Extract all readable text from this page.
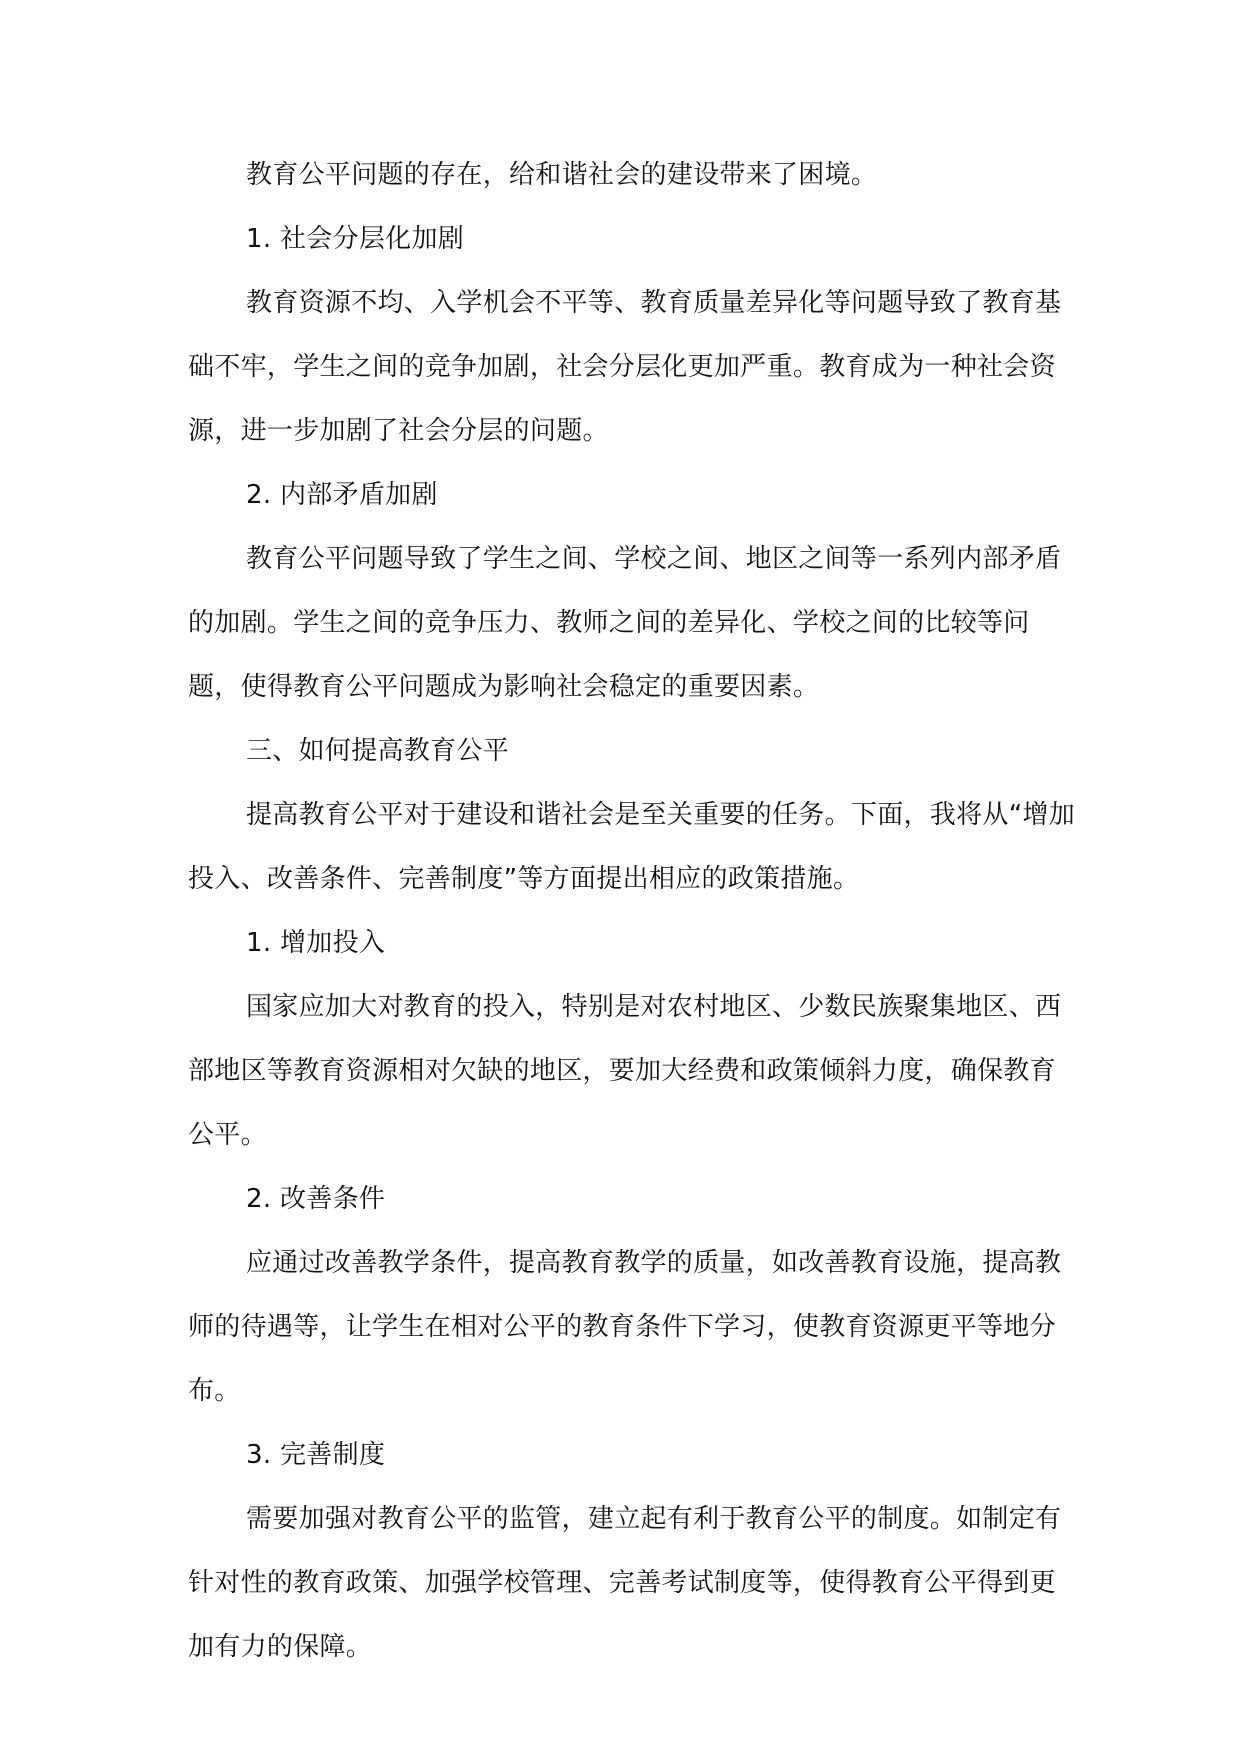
教育公平问题的存在，给和谐社会的建设带来了困境。

1. 社会分层化加剧

教育资源不均、入学机会不平等、教育质量差异化等问题导致了教育基础不牢，学生之间的竞争加剧，社会分层化更加严重。教育成为一种社会资源，进一步加剧了社会分层的问题。

2. 内部矛盾加剧

教育公平问题导致了学生之间、学校之间、地区之间等一系列内部矛盾的加剧。学生之间的竞争压力、教师之间的差异化、学校之间的比较等问题，使得教育公平问题成为影响社会稳定的重要因素。

三、如何提高教育公平

提高教育公平对于建设和谐社会是至关重要的任务。下面，我将从“增加投入、改善条件、完善制度”等方面提出相应的政策措施。

1. 增加投入

国家应加大对教育的投入，特别是对农村地区、少数民族聚集地区、西部地区等教育资源相对欠缺的地区，要加大经费和政策倾斜力度，确保教育公平。

2. 改善条件

应通过改善教学条件，提高教育教学的质量，如改善教育设施，提高教师的待遇等，让学生在相对公平的教育条件下学习，使教育资源更平等地分布。

3. 完善制度

需要加强对教育公平的监管，建立起有利于教育公平的制度。如制定有针对性的教育政策、加强学校管理、完善考试制度等，使得教育公平得到更加有力的保障。
